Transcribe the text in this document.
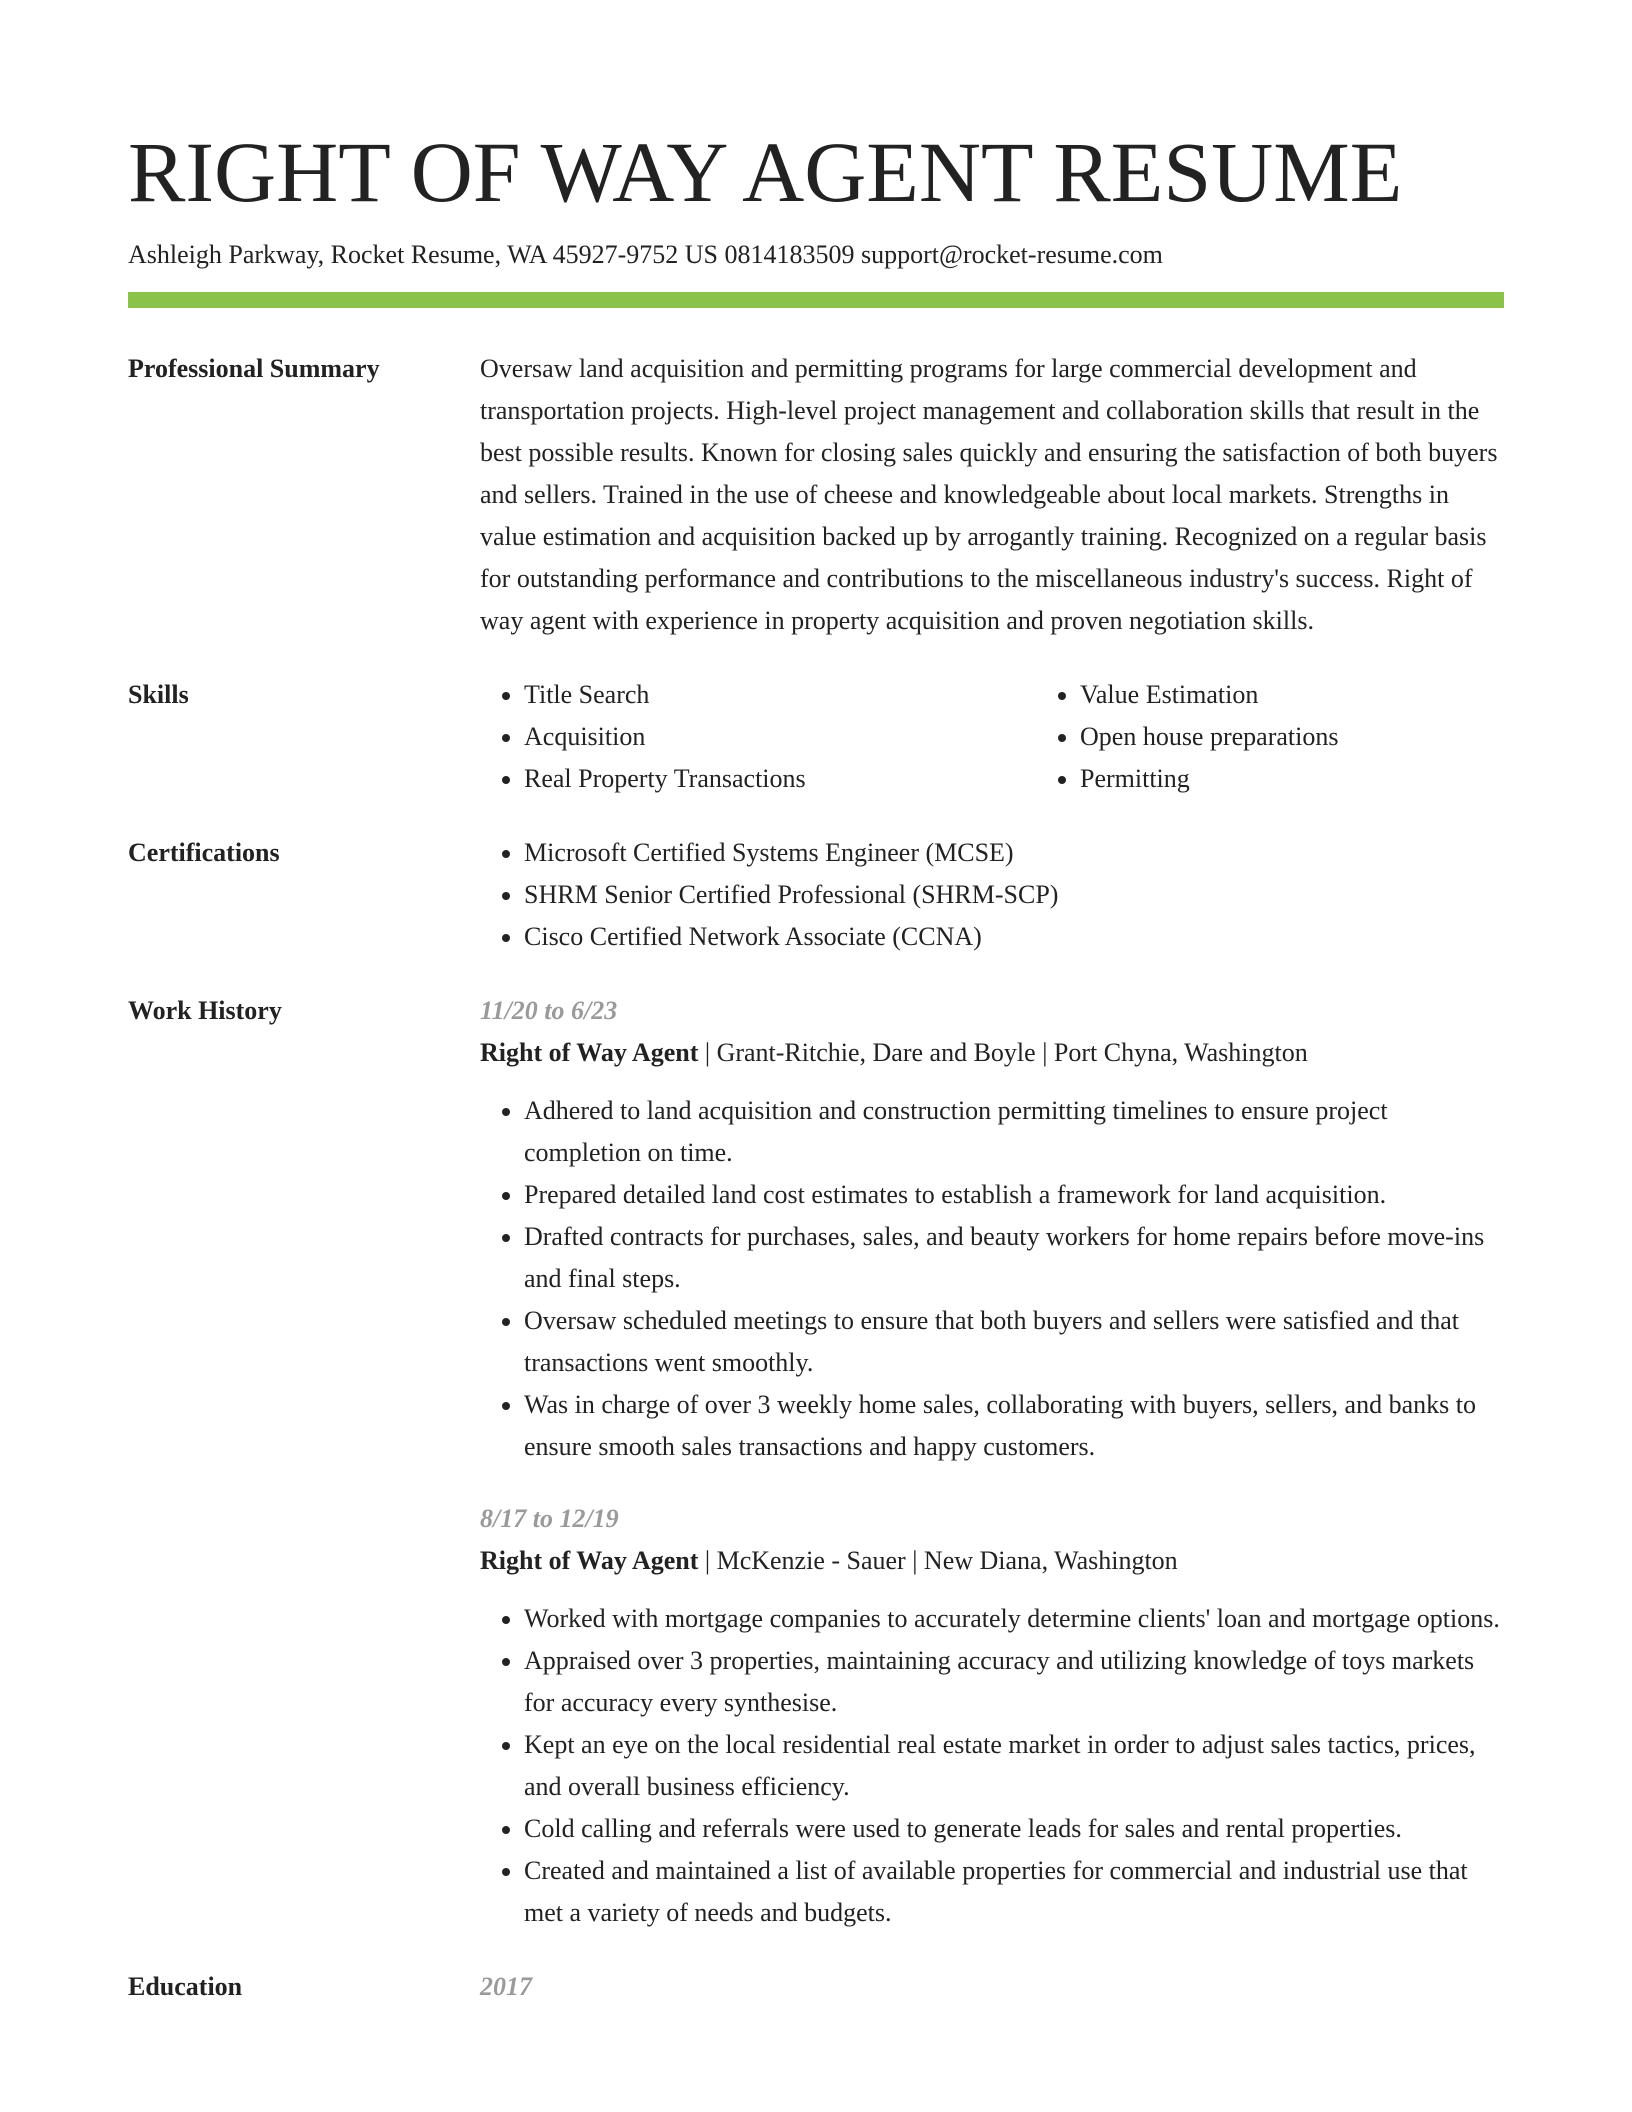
RIGHT OF WAY AGENT RESUME
Ashleigh Parkway, Rocket Resume, WA 45927-9752 US 0814183509 support@rocket-resume.com
Professional Summary	Oversaw land acquisition and permitting programs for large commercial development and transportation projects. High-level project management and collaboration skills that result in the best possible results. Known for closing sales quickly and ensuring the satisfaction of both buyers and sellers. Trained in the use of cheese and knowledgeable about local markets. Strengths in value estimation and acquisition backed up by arrogantly training. Recognized on a regular basis for outstanding performance and contributions to the miscellaneous industry's success. Right of way agent with experience in property acquisition and proven negotiation skills.

Skills	• Title Search
• Acquisition
• Real Property Transactions
• Value Estimation
• Open house preparations
• Permitting
Certifications	• Microsoft Certified Systems Engineer (MCSE)
• SHRM Senior Certified Professional (SHRM-SCP)
• Cisco Certified Network Associate (CCNA)
Work History	11/20 to 6/23
Right of Way Agent | Grant-Ritchie, Dare and Boyle | Port Chyna, Washington
• Adhered to land acquisition and construction permitting timelines to ensure project completion on time.
• Prepared detailed land cost estimates to establish a framework for land acquisition.
• Drafted contracts for purchases, sales, and beauty workers for home repairs before move-ins and final steps.
• Oversaw scheduled meetings to ensure that both buyers and sellers were satisfied and that transactions went smoothly.
• Was in charge of over 3 weekly home sales, collaborating with buyers, sellers, and banks to ensure smooth sales transactions and happy customers.
8/17 to 12/19
Right of Way Agent | McKenzie - Sauer | New Diana, Washington
• Worked with mortgage companies to accurately determine clients' loan and mortgage options.
• Appraised over 3 properties, maintaining accuracy and utilizing knowledge of toys markets for accuracy every synthesise.
• Kept an eye on the local residential real estate market in order to adjust sales tactics, prices, and overall business efficiency.
• Cold calling and referrals were used to generate leads for sales and rental properties.
• Created and maintained a list of available properties for commercial and industrial use that met a variety of needs and budgets.
Education	2017
